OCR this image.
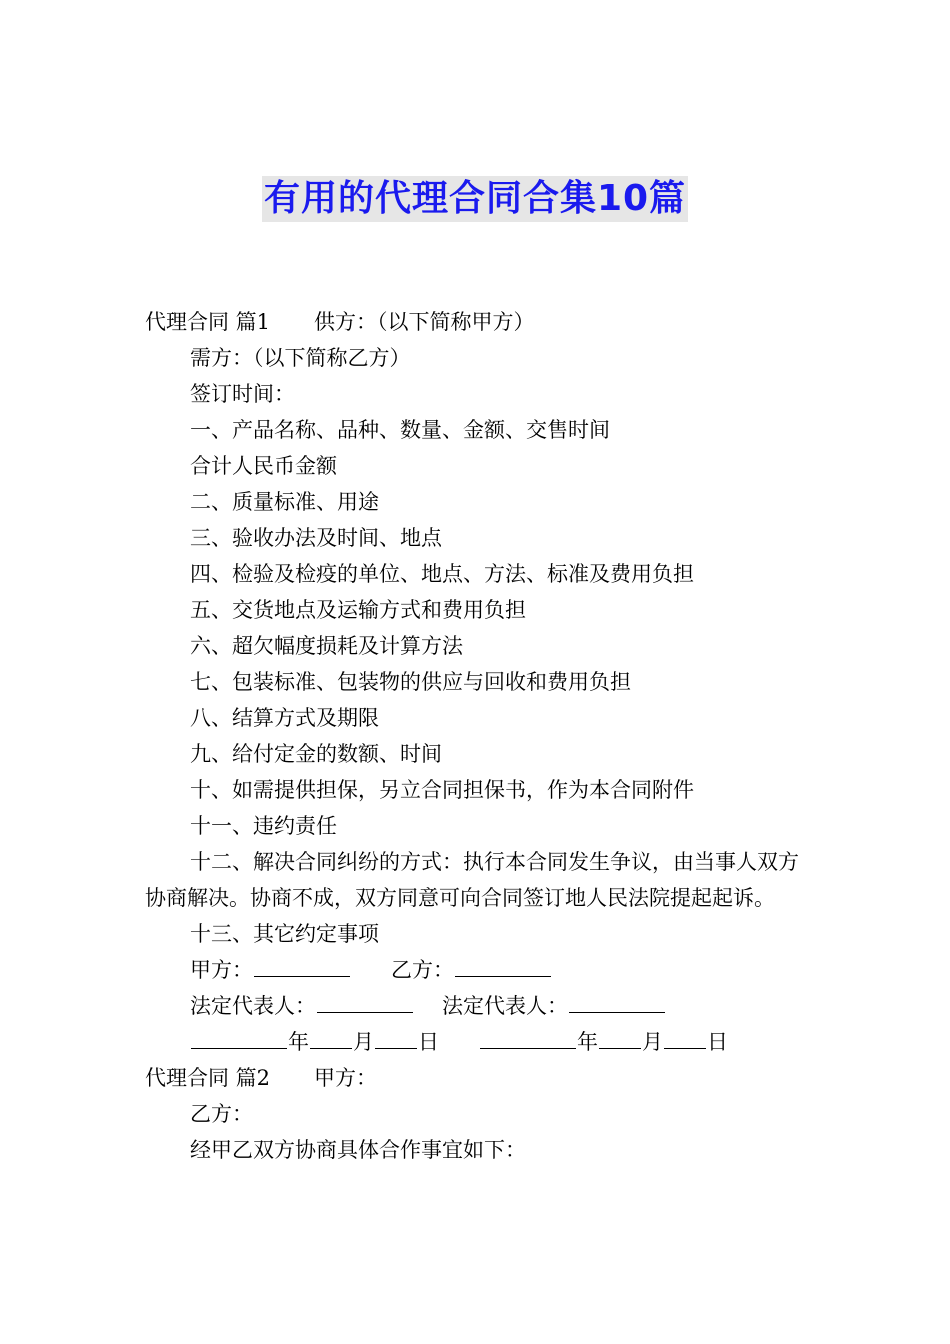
有用的代理合同合集10篇

代理合同 篇1 供方：（以下简称甲方）

需方：（以下简称乙方）

签订时间：

一、产品名称、品种、数量、金额、交售时间

合计人民币金额

二、质量标准、用途

三、验收办法及时间、地点

四、检验及检疫的单位、地点、方法、标准及费用负担

五、交货地点及运输方式和费用负担

六、超欠幅度损耗及计算方法

七、包装标准、包装物的供应与回收和费用负担

八、结算方式及期限

九、给付定金的数额、时间

十、如需提供担保，另立合同担保书，作为本合同附件

十一、违约责任

十二、解决合同纠纷的方式：执行本合同发生争议，由当事人双方协商解决。协商不成，双方同意可向合同签订地人民法院提起起诉。

十三、其它约定事项

甲方：	乙方：

法定代表人：	法定代表人：

年 月 日	年 月 日

代理合同 篇2 甲方：

乙方：

经甲乙双方协商具体合作事宜如下：
